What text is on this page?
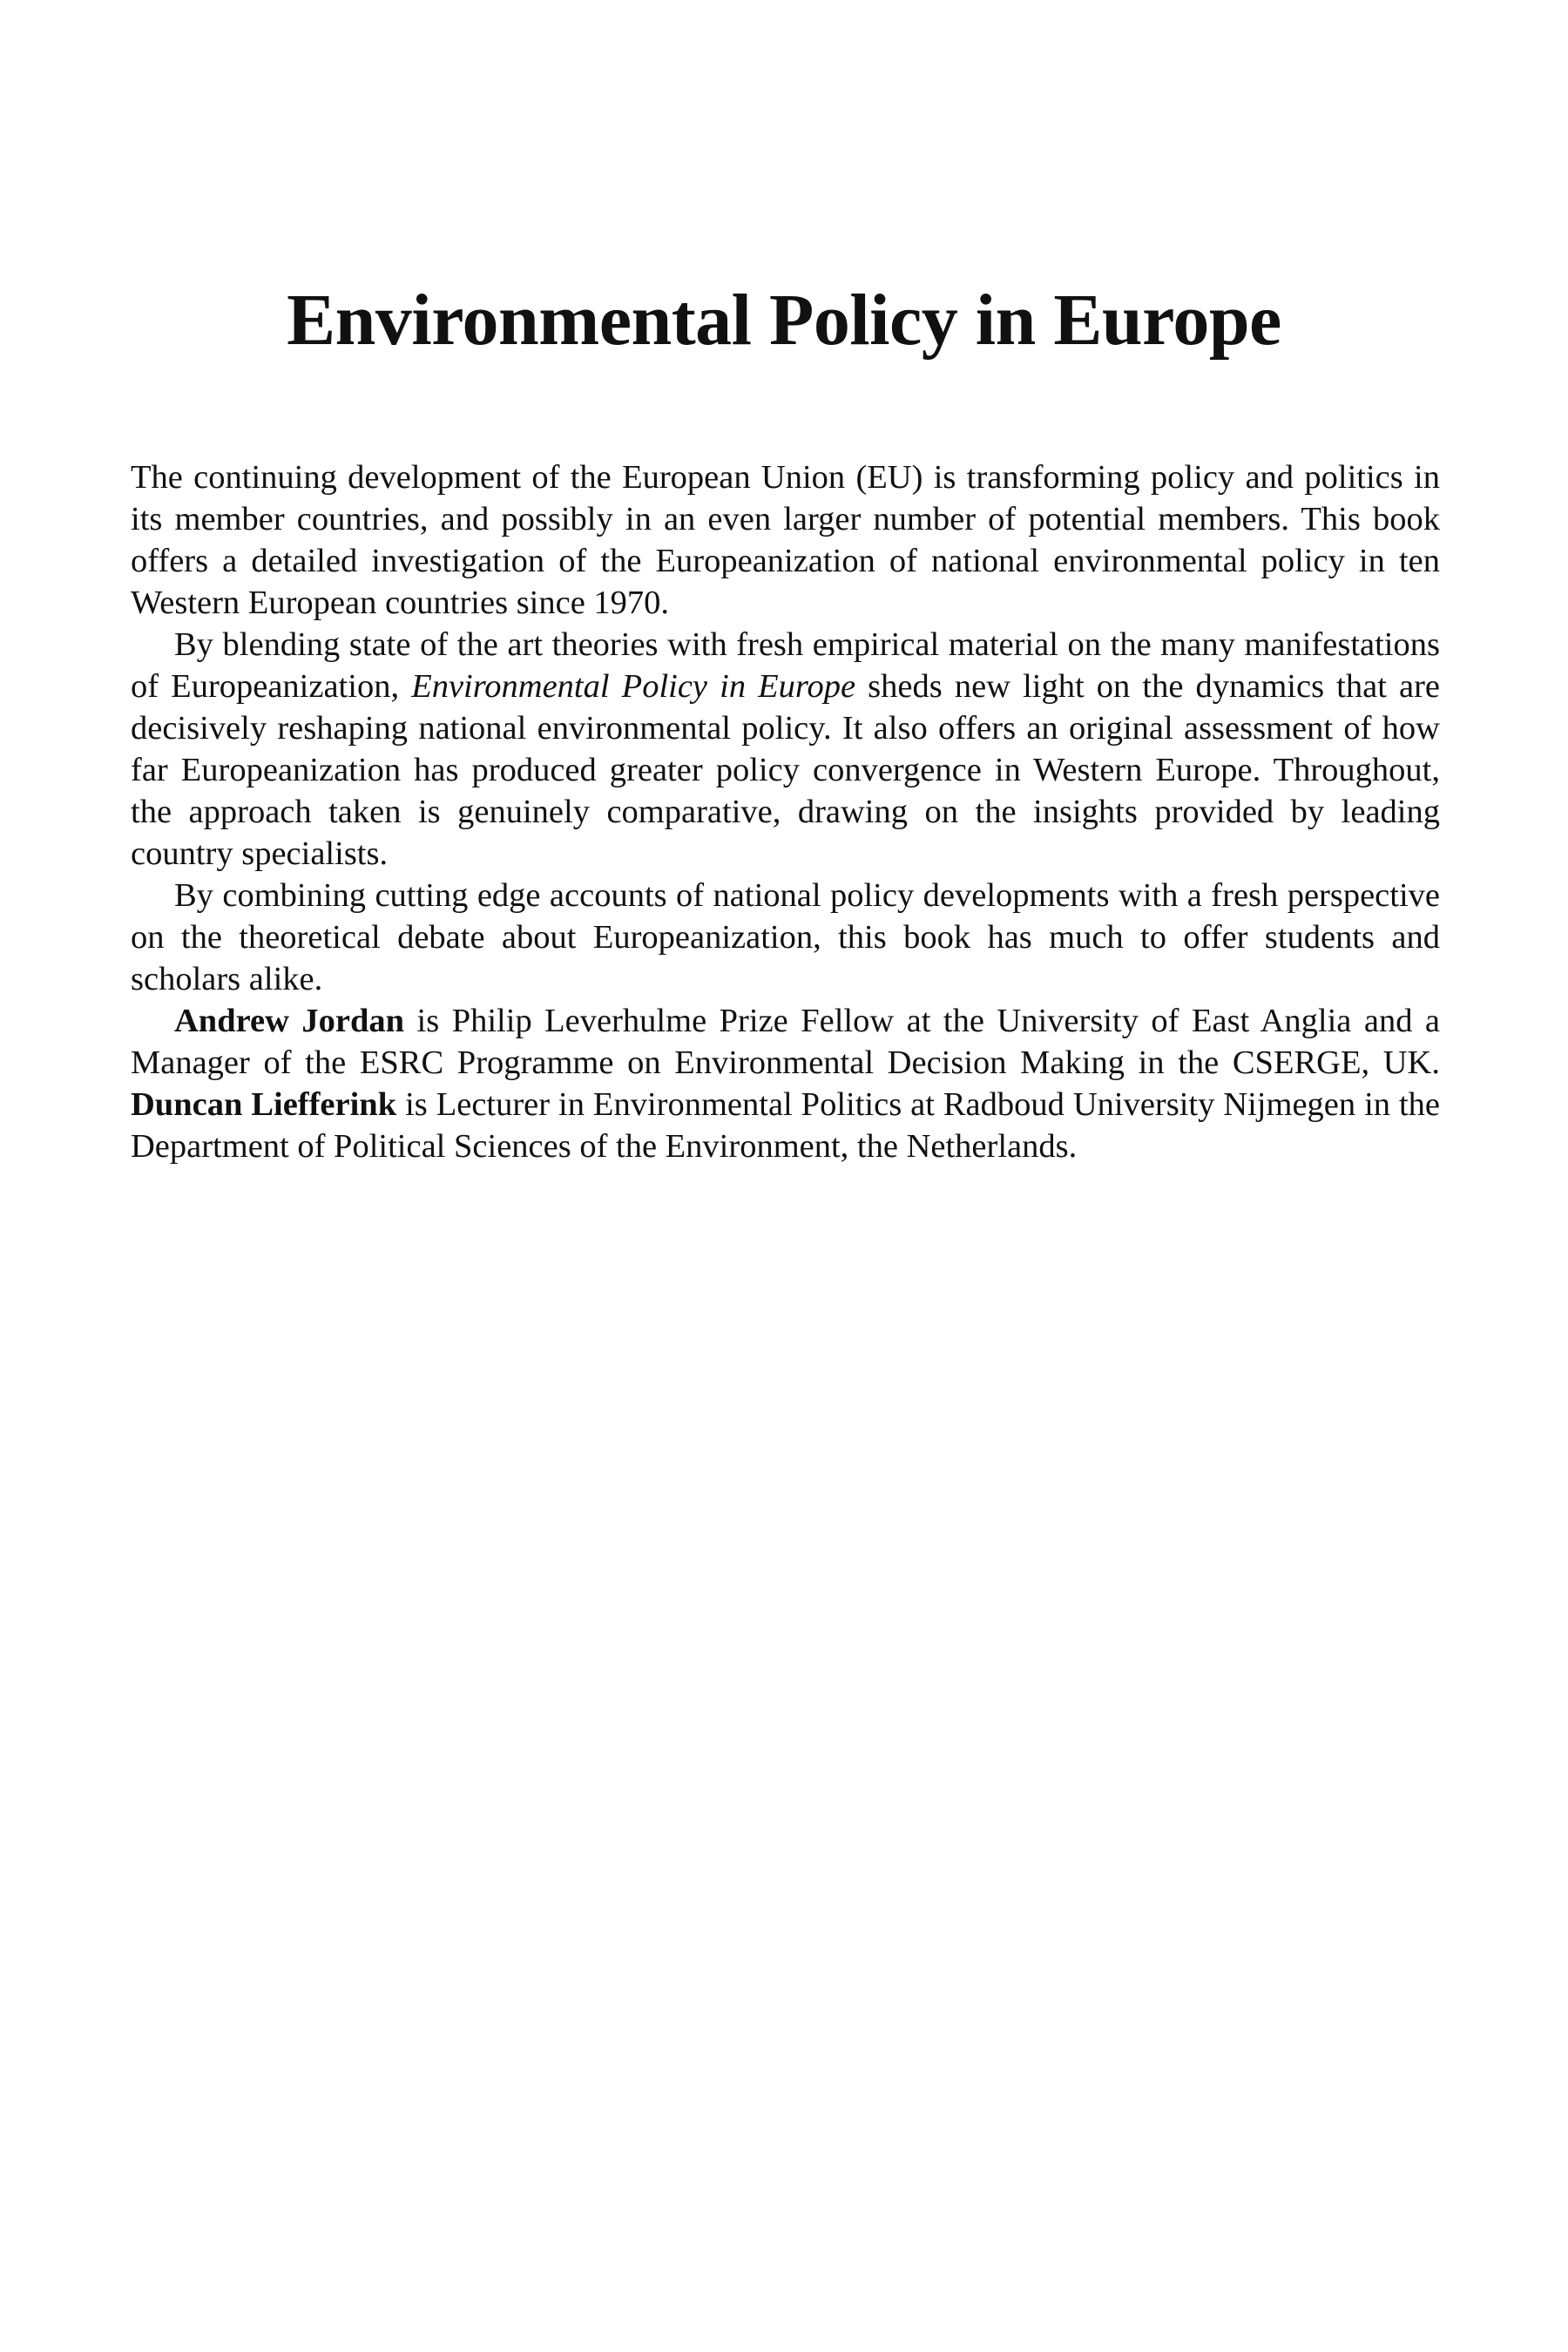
Environmental Policy in Europe

The continuing development of the European Union (EU) is transforming policy and politics in its member countries, and possibly in an even larger number of potential members. This book offers a detailed investigation of the Europeanization of national environmental policy in ten Western European countries since 1970.

By blending state of the art theories with fresh empirical material on the many manifestations of Europeanization, Environmental Policy in Europe sheds new light on the dynamics that are decisively reshaping national environmental policy. It also offers an original assessment of how far Europeanization has produced greater policy convergence in Western Europe. Throughout, the approach taken is genuinely comparative, drawing on the insights provided by leading country specialists.

By combining cutting edge accounts of national policy developments with a fresh perspective on the theoretical debate about Europeanization, this book has much to offer students and scholars alike.

Andrew Jordan is Philip Leverhulme Prize Fellow at the University of East Anglia and a Manager of the ESRC Programme on Environmental Decision Making in the CSERGE, UK. Duncan Liefferink is Lecturer in Environmental Politics at Radboud University Nijmegen in the Department of Political Sciences of the Environment, the Netherlands.
